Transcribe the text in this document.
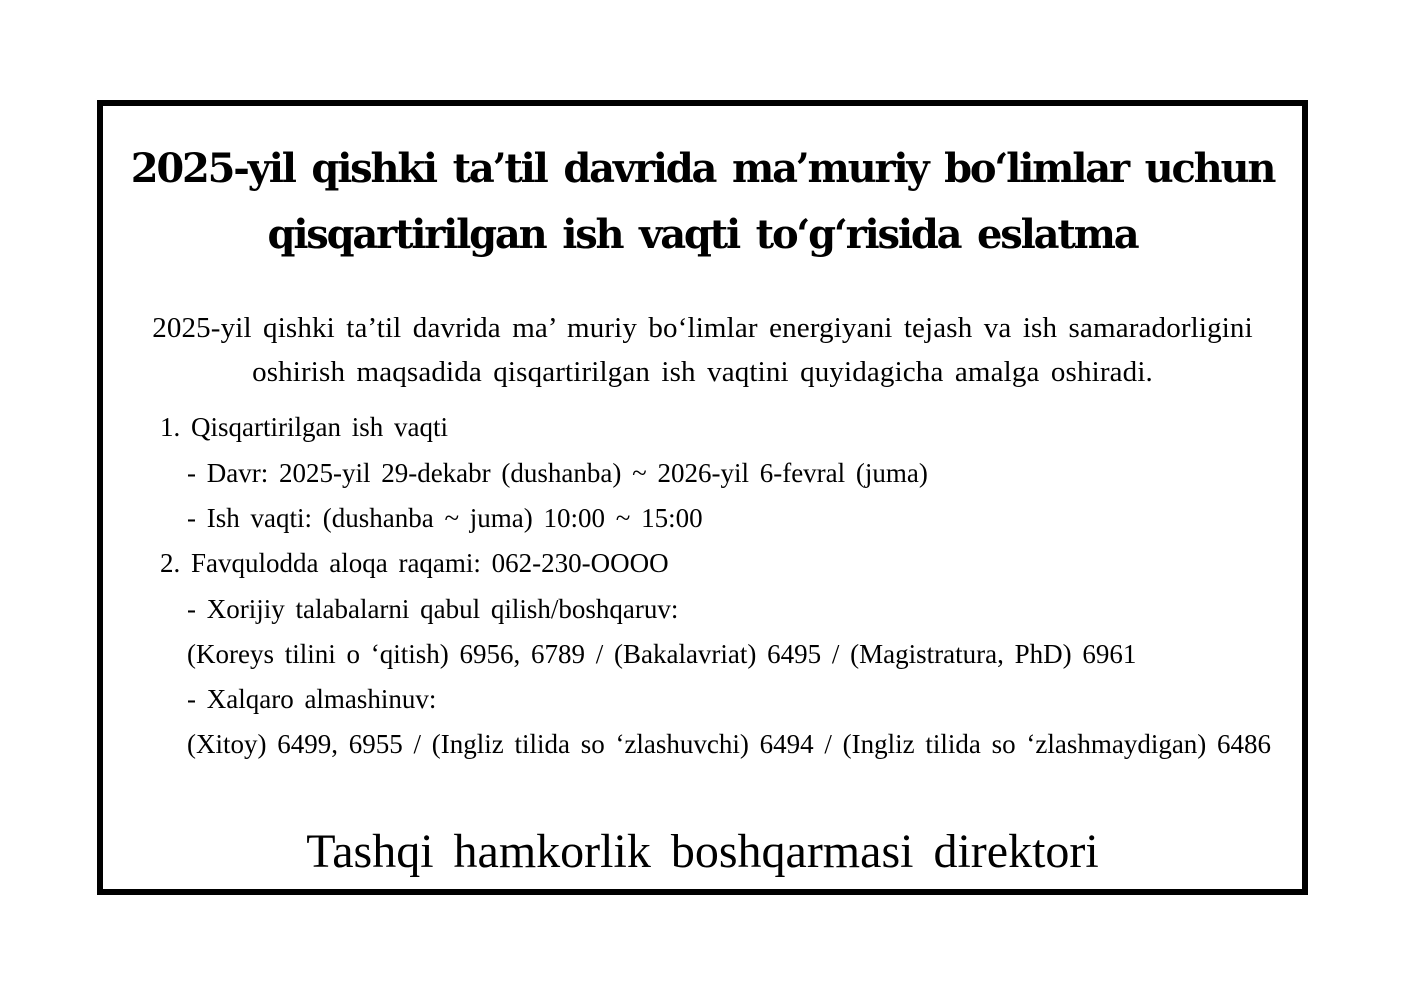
2025-yil qishki ta’til davrida ma’muriy bo‘limlar uchun
qisqartirilgan ish vaqti to‘g‘risida eslatma

2025-yil qishki ta’til davrida ma’ muriy bo‘limlar energiyani tejash va ish samaradorligini
oshirish maqsadida qisqartirilgan ish vaqtini quyidagicha amalga oshiradi.

1. Qisqartirilgan ish vaqti
- Davr: 2025-yil 29-dekabr (dushanba) ~ 2026-yil 6-fevral (juma)
- Ish vaqti: (dushanba ~ juma) 10:00 ~ 15:00
2. Favqulodda aloqa raqami: 062-230-OOOO
- Xorijiy talabalarni qabul qilish/boshqaruv:
(Koreys tilini o ‘qitish) 6956, 6789 / (Bakalavriat) 6495 / (Magistratura, PhD) 6961
- Xalqaro almashinuv:
(Xitoy) 6499, 6955 / (Ingliz tilida so ‘zlashuvchi) 6494 / (Ingliz tilida so ‘zlashmaydigan) 6486
Tashqi hamkorlik boshqarmasi direktori
